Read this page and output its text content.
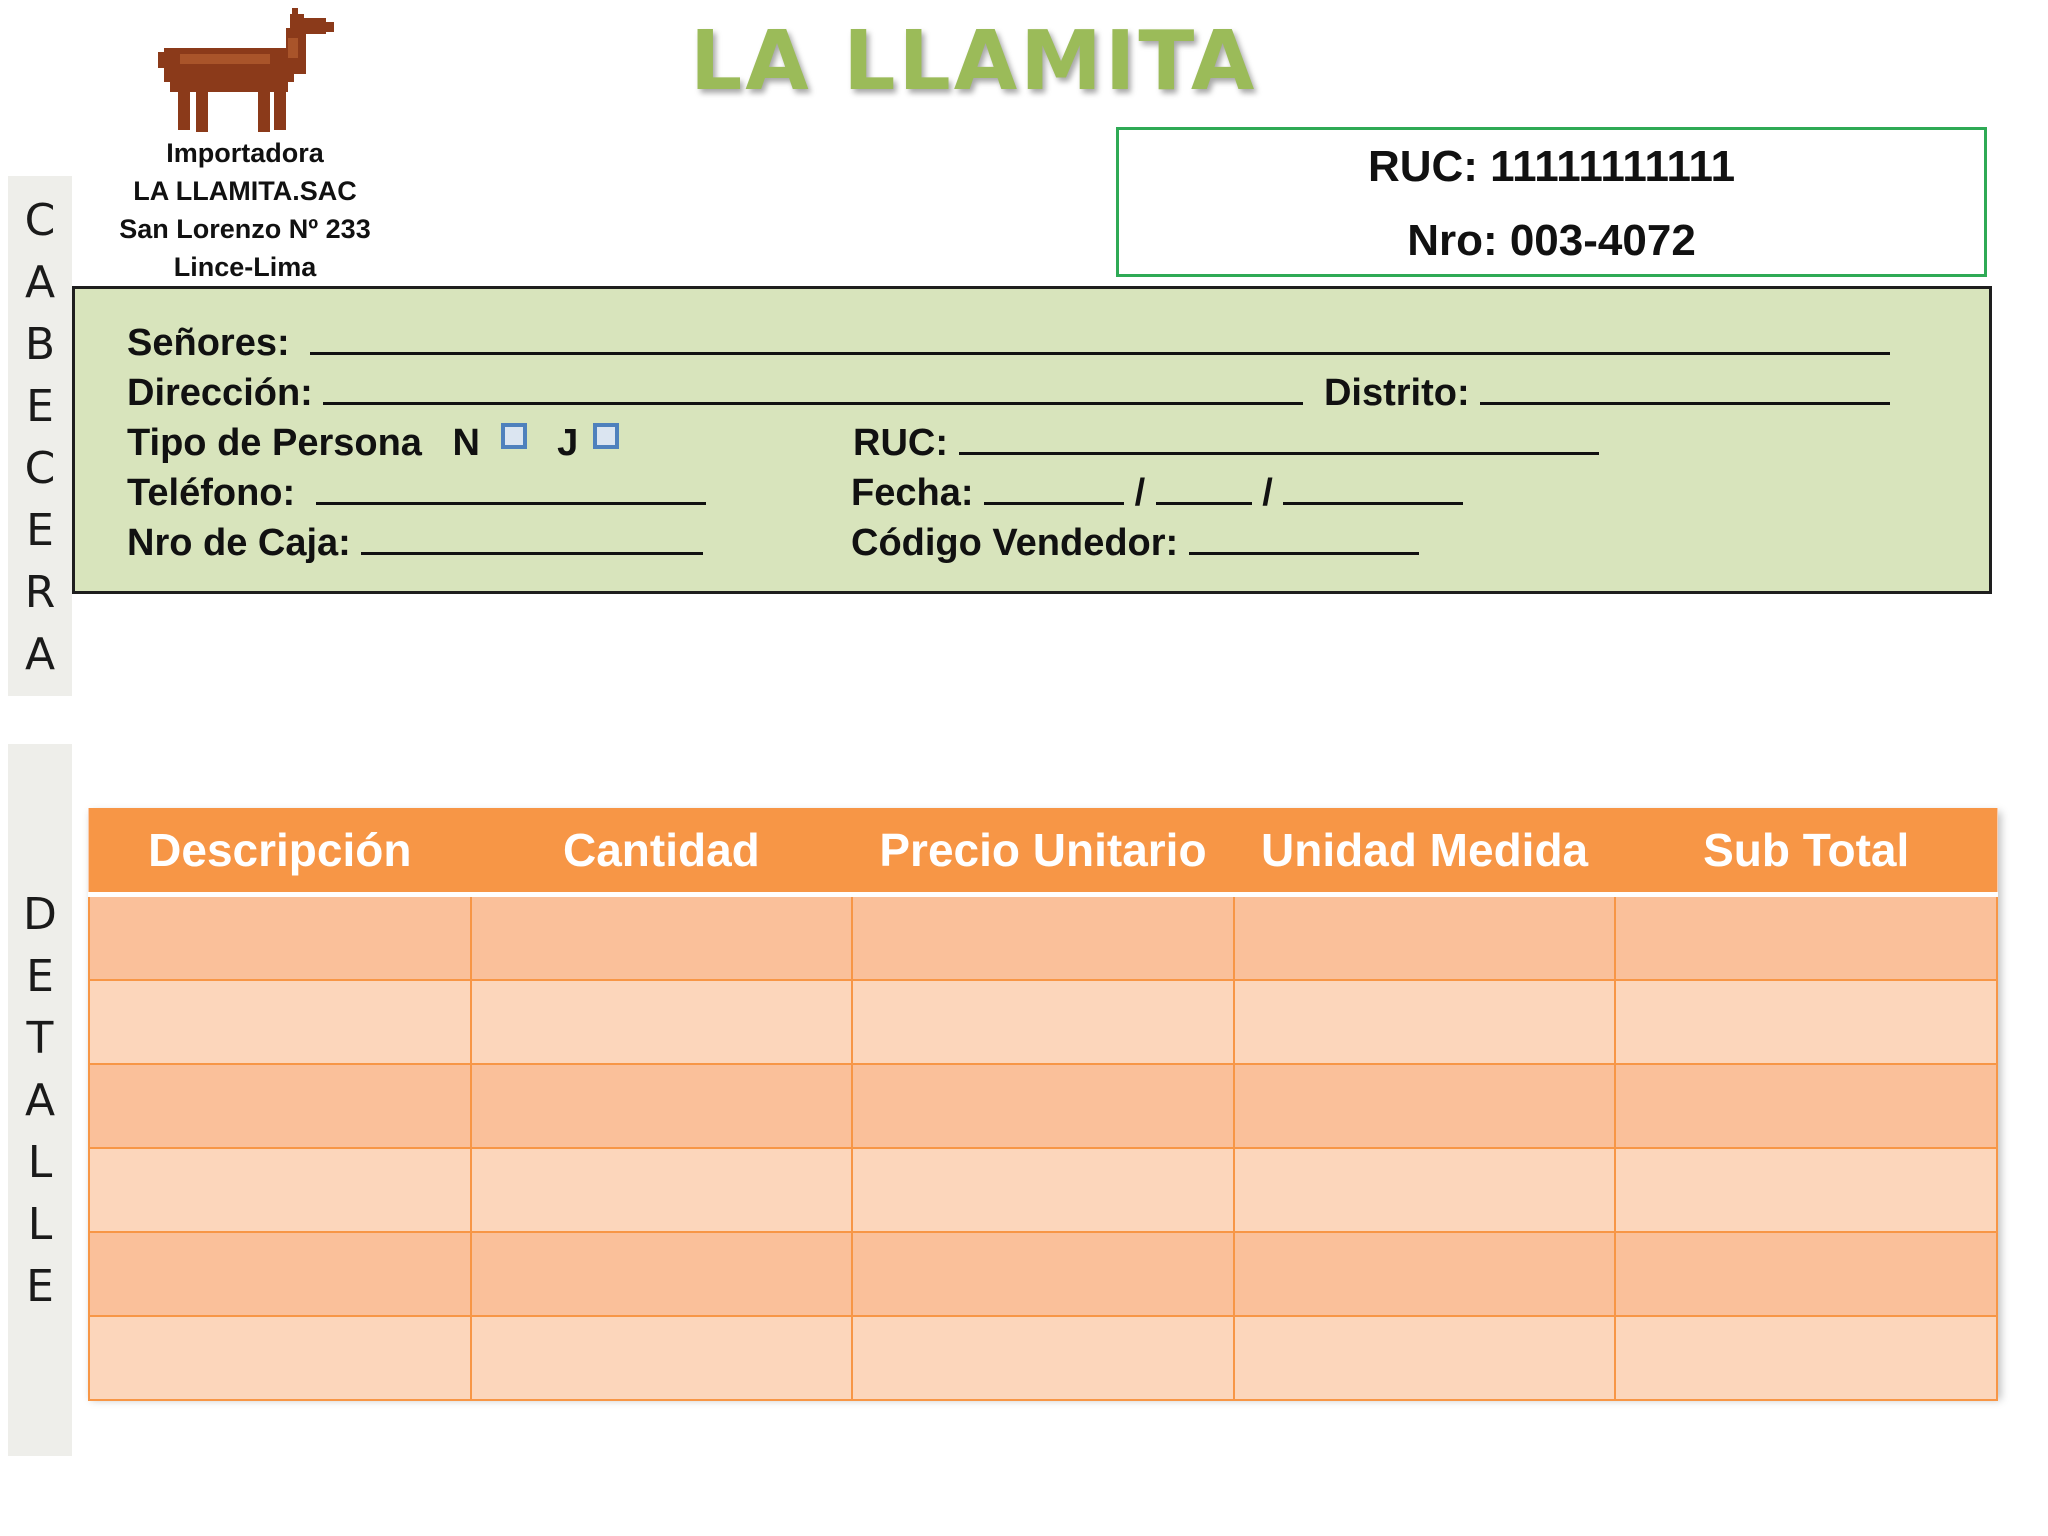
C
A
B
E
C
E
R
A
D
E
T
A
L
L
E
Importadora
LA LLAMITA.SAC
San Lorenzo Nº 233
Lince-Lima
LA LLAMITA
RUC: 11111111111
Nro: 003-4072
Señores:
Dirección:	Distrito:
Tipo de Persona N J	RUC:
Teléfono:	Fecha:	/	/
Nro de Caja:	Código Vendedor:
Descripción	Cantidad	Precio Unitario	Unidad Medida	Sub Total
